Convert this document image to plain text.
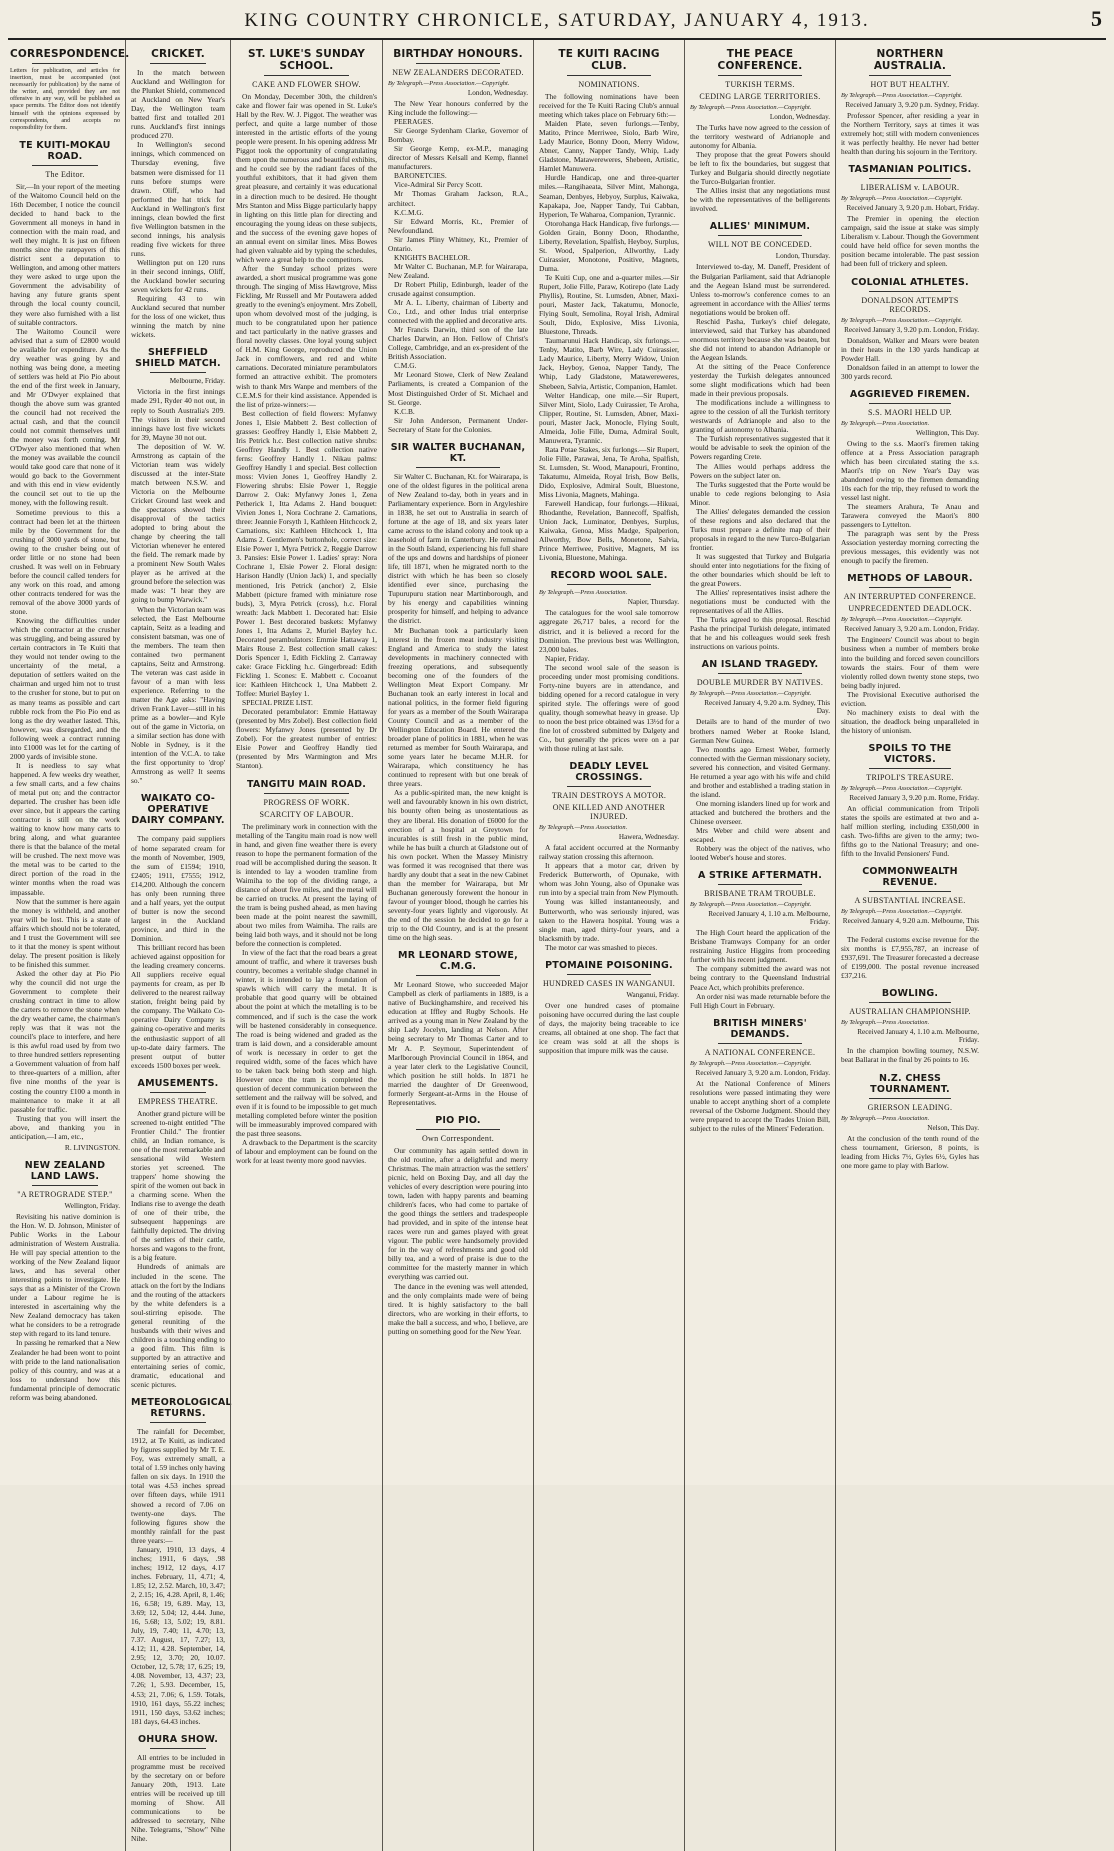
KING COUNTRY CHRONICLE, SATURDAY, JANUARY 4, 1913.	5
CORRESPONDENCE.

Letters for publication, and articles for insertion, must be accompanied (not necessarily for publication) by the name of the writer, and, provided they are not offensive in any way, will be published as space permits. The Editor does not identify himself with the opinions expressed by correspondents, and accepts no responsibility for them.

TE KUITI-MOKAU ROAD.
The Editor.

Sir,—In your report of the meeting of the Waitomo Council held on the 16th December, I notice the council decided to hand back to the Government all moneys in hand in connection with the main road, and well they might. It is just on fifteen months since the ratepayers of this district sent a deputation to Wellington, and among other matters they were asked to urge upon the Government the advisability of having any future grants spent through the local county council, they were also furnished with a list of suitable contractors.

The Waitomo Council were advised that a sum of £2800 would be available for expenditure. As the dry weather was going by and nothing was being done, a meeting of settlers was held at Pio Pio about the end of the first week in January, and Mr O'Dwyer explained that though the above sum was granted the council had not received the actual cash, and that the council could not commit themselves until the money was forth coming. Mr O'Dwyer also mentioned that when the money was available the council would take good care that none of it would go back to the Government and with this end in view evidently the council set out to tie up the money, with the following result.

Sometime previous to this a contract had been let at the thirteen mile by the Government for the crushing of 3000 yards of stone, but owing to the crusher being out of order little or no stone had been crushed. It was well on in February before the council called tenders for any work on this road, and among other contracts tendered for was the removal of the above 3000 yards of stone.

Knowing the difficulties under which the contractor at the crusher was struggling, and being assured by certain contractors in Te Kuiti that they would not tender owing to the uncertainty of the metal, a deputation of settlers waited on the chairman and urged him not to trust to the crusher for stone, but to put on as many teams as possible and cart rubble rock from the Pio Pio end as long as the dry weather lasted. This, however, was disregarded, and the following week a contract running into £1000 was let for the carting of 2000 yards of invisible stone.

It is needless to say what happened. A few weeks dry weather, a few small carts, and a few chains of metal put on; and the contractor departed. The crusher has been idle ever since, but it appears the carting contractor is still on the work waiting to know how many carts to bring along, and what guarantee there is that the balance of the metal will be crushed. The next move was the metal was to be carted to the direct portion of the road in the winter months when the road was impassable.

Now that the summer is here again the money is withheld, and another year will be lost. This is a state of affairs which should not be tolerated, and I trust the Government will see to it that the money is spent without delay. The present position is likely to be finished this summer.

Asked the other day at Pio Pio why the council did not urge the Government to complete their crushing contract in time to allow the carters to remove the stone when the dry weather came, the chairman's reply was that it was not the council's place to interfere, and here is this awful road used by from two to three hundred settlers representing a Government valuation of from half to three-quarters of a million, after five nine months of the year is costing the country £100 a month in maintenance to make it at all passable for traffic.

Trusting that you will insert the above, and thanking you in anticipation,—I am, etc.,

R. LIVINGSTON.
NEW ZEALAND LAND LAWS.
"A RETROGRADE STEP."
Wellington, Friday.

Revisiting his native dominion is the Hon. W. D. Johnson, Minister of Public Works in the Labour administration of Western Australia. He will pay special attention to the working of the New Zealand liquor laws, and has several other interesting points to investigate. He says that as a Minister of the Crown under a Labour regime he is interested in ascertaining why the New Zealand democracy has taken what he considers to be a retrograde step with regard to its land tenure.

In passing he remarked that a New Zealander he had been wont to point with pride to the land nationalisation policy of this country, and was at a loss to understand how this fundamental principle of democratic reform was being abandoned.

CRICKET.

In the match between Auckland and Wellington for the Plunket Shield, commenced at Auckland on New Year's Day, the Wellington team batted first and totalled 201 runs. Auckland's first innings produced 270.

In Wellington's second innings, which commenced on Thursday evening, five batsmen were dismissed for 11 runs before stumps were drawn. Oliff, who had performed the hat trick for Auckland in Wellington's first innings, clean bowled the first five Wellington batsmen in the second innings, his analysis reading five wickets for three runs.

Wellington put on 120 runs in their second innings, Oliff, the Auckland bowler securing seven wickets for 42 runs.

Requiring 43 to win Auckland secured that number for the loss of one wicket, thus winning the match by nine wickets.

SHEFFIELD SHIELD MATCH.
Melbourne, Friday.

Victoria in the first innings made 291, Ryder 40 not out, in reply to South Australia's 209. The visitors in their second innings have lost five wickets for 39, Mayne 30 not out.

The deposition of W. W. Armstrong as captain of the Victorian team was widely discussed at the inter-State match between N.S.W. and Victoria on the Melbourne Cricket Ground last week and the spectators showed their disapproval of the tactics adopted to bring about the change by cheering the tall Victorian whenever he entered the field. The remark made by a prominent New South Wales player as he arrived at the ground before the selection was made was: "I hear they are going to bump Warwick."

When the Victorian team was selected, the East Melbourne captain, Seitz as a leading and consistent batsman, was one of the members. The team then contained two permanent captains, Seitz and Armstrong. The veteran was cast aside in favour of a man with less experience. Referring to the matter the Age asks: "Having driven Frank Laver—still in his prime as a bowler—and Kyle out of the game in Victoria, on a similar section has done with Noble in Sydney, is it the intention of the V.C.A. to take the first opportunity to 'drop' Armstrong as well? It seems so."

WAIKATO CO-OPERATIVE DAIRY COMPANY.

The company paid suppliers of home separated cream for the month of November, 1909, the sum of £1594; 1910, £2405; 1911, £7555; 1912, £14,200. Although the concern has only been running three and a half years, yet the output of butter is now the second largest in the Auckland province, and third in the Dominion.

This brilliant record has been achieved against opposition for the leading creamery concerns. All suppliers receive equal payments for cream, as per lb delivered to the nearest railway station, freight being paid by the company. The Waikato Co-operative Dairy Company is gaining co-operative and merits the enthusiastic support of all up-to-date dairy farmers. The present output of butter exceeds 1500 boxes per week.

AMUSEMENTS.
EMPRESS THEATRE.

Another grand picture will be screened to-night entitled "The Frontier Child." The frontier child, an Indian romance, is one of the most remarkable and sensational wild Western stories yet screened. The trappers' home showing the spirit of the women out back in a charming scene. When the Indians rise to avenge the death of one of their tribe, the subsequent happenings are faithfully depicted. The driving of the settlers of their cattle, horses and wagons to the front, is a big feature.

Hundreds of animals are included in the scene. The attack on the fort by the Indians and the routing of the attackers by the white defenders is a soul-stirring episode. The general reuniting of the husbands with their wives and children is a touching ending to a good film. This film is supported by an attractive and entertaining series of comic, dramatic, educational and scenic pictures.

METEOROLOGICAL RETURNS.

The rainfall for December, 1912, at Te Kuiti, as indicated by figures supplied by Mr T. E. Foy, was extremely small, a total of 1.59 inches only having fallen on six days. In 1910 the total was 4.53 inches spread over fifteen days, while 1911 showed a record of 7.06 on twenty-one days. The following figures show the monthly rainfall for the past three years:—

January, 1910, 13 days, 4 inches; 1911, 6 days, .98 inches; 1912, 12 days, 4.17 inches. February, 11, 4.71; 4, 1.85; 12, 2.52. March, 10, 3.47; 2, 2.15; 16, 4.28. April, 8, 1.46; 16, 6.58; 19, 6.89. May, 13, 3.69; 12, 5.04; 12, 4.44. June, 16, 5.68; 13, 5.02; 19, 8.81. July, 19, 7.40; 11, 4.70; 13, 7.37. August, 17, 7.27; 13, 4.12; 11, 4.28. September, 14, 2.95; 12, 3.70; 20, 10.07. October, 12, 5.78; 17, 6.25; 19, 4.08. November, 13, 4.37; 23, 7.26; 1, 5.93. December, 15, 4.53; 21, 7.06; 6, 1.59. Totals, 1910, 161 days, 55.22 inches; 1911, 150 days, 53.62 inches; 181 days, 64.43 inches.

OHURA SHOW.

All entries to be included in programme must be received by the secretary on or before January 20th, 1913. Late entries will be received up till morning of Show. All communications to be addressed to secretary, Nihe Nihe. Telegrams, "Show" Nihe Nihe.

ST. LUKE'S SUNDAY SCHOOL.
CAKE AND FLOWER SHOW.

On Monday, December 30th, the children's cake and flower fair was opened in St. Luke's Hall by the Rev. W. J. Piggot. The weather was perfect, and quite a large number of those interested in the artistic efforts of the young people were present. In his opening address Mr Piggot took the opportunity of congratulating them upon the numerous and beautiful exhibits, and he could see by the radiant faces of the youthful exhibitors, that it had given them great pleasure, and certainly it was educational in a direction much to be desired. He thought Mrs Stanton and Miss Bigge particularly happy in lighting on this little plan for directing and encouraging the young ideas on these subjects, and the success of the evening gave hopes of an annual event on similar lines. Miss Bowes had given valuable aid by typing the schedules, which were a great help to the competitors.

After the Sunday school prizes were awarded, a short musical programme was gone through. The singing of Miss Hawtgrove, Miss Fickling, Mr Russell and Mr Poutawera added greatly to the evening's enjoyment. Mrs Zobell, upon whom devolved most of the judging, is much to be congratulated upon her patience and tact particularly in the native grasses and floral novelty classes. One loyal young subject of H.M. King George, reproduced the Union Jack in cornflowers, and red and white carnations. Decorated miniature perambulators formed an attractive exhibit. The promoters wish to thank Mrs Wanpe and members of the C.E.M.S for their kind assistance. Appended is the list of prize-winners:—

Best collection of field flowers: Myfanwy Jones 1, Elsie Mabbett 2. Best collection of grasses: Geoffrey Handly 1, Elsie Mabbett 2, Iris Petrick h.c. Best collection native shrubs: Geoffrey Handly 1. Best collection native ferns: Geoffrey Handly 1. Nikau palms: Geoffrey Handly 1 and special. Best collection moss: Vivien Jones 1, Geoffrey Handly 2. Flowering shrubs: Elsie Power 1, Reggie Darrow 2. Oak: Myfanwy Jones 1, Zena Petherick 1, Itta Adams 2. Hand bouquet: Vivien Jones 1, Nora Cochrane 2. Carnations, three: Jeannie Forsyth 1, Kathleen Hitchcock 2, Carnations, six: Kathleen Hitchcock 1, Itta Adams 2. Gentlemen's buttonhole, correct size: Elsie Power 1, Myra Petrick 2, Reggie Darrow 3. Pansies: Elsie Power 1. Ladies' spray: Nora Cochrane 1, Elsie Power 2. Floral design: Harison Handly (Union Jack) 1, and specially mentioned, Iris Petrick (anchor) 2, Elsie Mabbett (picture framed with miniature rose buds), 3, Myra Petrick (cross), h.c. Floral wreath: Jack Mabbett 1. Decorated hat: Elsie Power 1. Best decorated baskets: Myfanwy Jones 1, Itta Adams 2, Muriel Bayley h.c. Decorated perambulators: Emmie Hattaway 1, Mairs Rouse 2. Best collection small cakes: Doris Spencer 1, Edith Fickling 2. Carraway cake: Grace Fickling h.c. Gingerbread: Edith Fickling 1. Scones: E. Mabbett c. Cocoanut ice: Kathleen Hitchcock 1, Una Mabbett 2. Toffee: Muriel Bayley 1.

SPECIAL PRIZE LIST.

Decorated perambulator: Emmie Hattaway (presented by Mrs Zobel). Best collection field flowers: Myfanwy Jones (presented by Dr Zobel). For the greatest number of entries: Elsie Power and Geoffrey Handly tied (presented by Mrs Warmington and Mrs Stanton).

TANGITU MAIN ROAD.
PROGRESS OF WORK.
SCARCITY OF LABOUR.

The preliminary work in connection with the metalling of the Tangitu main road is now well in hand, and given fine weather there is every reason to hope the permanent formation of the road will be accomplished during the season. It is intended to lay a wooden tramline from Waimiha to the top of the dividing range, a distance of about five miles, and the metal will be carried on trucks. At present the laying of the tram is being pushed ahead, as men having been made at the point nearest the sawmill, about two miles from Waimiha. The rails are being laid both ways, and it should not be long before the connection is completed.

In view of the fact that the road bears a great amount of traffic, and where it traverses bush country, becomes a veritable sludge channel in winter, it is intended to lay a foundation of spawls which will carry the metal. It is probable that good quarry will be obtained about the point at which the metalling is to be commenced, and if such is the case the work will be hastened considerably in consequence. The road is being widened and graded as the tram is laid down, and a considerable amount of work is necessary in order to get the required width, some of the faces which have to be taken back being both steep and high. However once the tram is completed the question of decent communication between the settlement and the railway will be solved, and even if it is found to be impossible to get much metalling completed before winter the position will be immeasurably improved compared with the past three seasons.

A drawback to the Department is the scarcity of labour and employment can be found on the work for at least twenty more good navvies.

BIRTHDAY HONOURS.
NEW ZEALANDERS DECORATED.
By Telegraph.—Press Association.—Copyright.
London, Wednesday.

The New Year honours conferred by the King include the following:—

PEERAGES.

Sir George Sydenham Clarke, Governor of Bombay.

Sir George Kemp, ex-M.P., managing director of Messrs Kelsall and Kemp, flannel manufacturers.

BARONETCIES.

Vice-Admiral Sir Percy Scott.

Mr Thomas Graham Jackson, R.A., architect.

K.C.M.G.

Sir Edward Morris, Kt., Premier of Newfoundland.

Sir James Pliny Whitney, Kt., Premier of Ontario.

KNIGHTS BACHELOR.

Mr Walter C. Buchanan, M.P. for Wairarapa, New Zealand.

Dr Robert Philip, Edinburgh, leader of the crusade against consumption.

Mr A. L. Liberty, chairman of Liberty and Co., Ltd., and other Indus trial enterprise connected with the applied and decorative arts.

Mr Francis Darwin, third son of the late Charles Darwin, an Hon. Fellow of Christ's College, Cambridge, and an ex-president of the British Association.

C.M.G.

Mr Leonard Stowe, Clerk of New Zealand Parliaments, is created a Companion of the Most Distinguished Order of St. Michael and St. George.

K.C.B.

Sir John Anderson, Permanent Under-Secretary of State for the Colonies.

SIR WALTER BUCHANAN, KT.

Sir Walter C. Buchanan, Kt. for Wairarapa, is one of the oldest figures in the political arena of New Zealand to-day, both in years and in Parliamentary experience. Born in Argyleshire in 1838, he set out to Australia in search of fortune at the age of 18, and six years later came across to the island colony and took up a leasehold of farm in Canterbury. He remained in the South Island, experiencing his full share of the ups and downs and hardships of pioneer life, till 1871, when he migrated north to the district with which he has been so closely identified ever since, purchasing the Tupurupuru station near Martinborough, and by his energy and capabilities winning prosperity for himself, and helping to advance the district.

Mr Buchanan took a particularly keen interest in the frozen meat industry visiting England and America to study the latest developments in machinery connected with freezing operations, and subsequently becoming one of the founders of the Wellington Meat Export Company. Mr Buchanan took an early interest in local and national politics, in the former field figuring for years as a member of the South Wairarapa County Council and as a member of the Wellington Education Board. He entered the broader plane of politics in 1881, when he was returned as member for South Wairarapa, and some years later he became M.H.R. for Wairarapa, which constituency he has continued to represent with but one break of three years.

As a public-spirited man, the new knight is well and favourably known in his own district, his bounty often being as unostentatious as they are liberal. His donation of £6000 for the erection of a hospital at Greytown for incurables is still fresh in the public mind, while he has built a church at Gladstone out of his own pocket. When the Massey Ministry was formed it was recognised that there was hardly any doubt that a seat in the new Cabinet than the member for Wairarapa, but Mr Buchanan generously forewent the honour in favour of younger blood, though he carries his seventy-four years lightly and vigorously. At the end of the session he decided to go for a trip to the Old Country, and is at the present time on the high seas.

MR LEONARD STOWE, C.M.G.

Mr Leonard Stowe, who succeeded Major Campbell as clerk of parliaments in 1889, is a native of Buckinghamshire, and received his education at Iffley and Rugby Schools. He arrived as a young man in New Zealand by the ship Lady Jocelyn, landing at Nelson. After being secretary to Mr Thomas Carter and to Mr A. P. Seymour, Superintendent of Marlborough Provincial Council in 1864, and a year later clerk to the Legislative Council, which position he still holds. In 1871 he married the daughter of Dr Greenwood, formerly Sergeant-at-Arms in the House of Representatives.

PIO PIO.
Own Correspondent.

Our community has again settled down in the old routine, after a delightful and merry Christmas. The main attraction was the settlers' picnic, held on Boxing Day, and all day the vehicles of every description were pouring into town, laden with happy parents and beaming children's faces, who had come to partake of the good things the settlers and tradespeople had provided, and in spite of the intense heat races were run and games played with great vigour. The public were handsomely provided for in the way of refreshments and good old billy tea, and a word of praise is due to the committee for the masterly manner in which everything was carried out.

The dance in the evening was well attended, and the only complaints made were of being tired. It is highly satisfactory to the ball directors, who are working in their efforts, to make the ball a success, and who, I believe, are putting on something good for the New Year.

TE KUITI RACING CLUB.
NOMINATIONS.

The following nominations have been received for the Te Kuiti Racing Club's annual meeting which takes place on February 6th:—

Maiden Plate, seven furlongs.—Tenby, Matito, Prince Merriwee, Siolo, Barb Wire, Lady Maurice, Bonny Doon, Merry Widow, Abner, Canny, Napper Tandy, Whip, Lady Gladstone, Matawereweres, Shebeen, Artistic, Hamlet Manuwera.

Hurdle Handicap, one and three-quarter miles.—Rangihaeata, Silver Mint, Mahonga, Seaman, Denbyes, Hebyoy, Surplus, Kaiwaka, Kapakapa, Joe, Napper Tandy, Tui Cabban, Hyperion, Te Waharoa, Companion, Tyrannic.

Otorohanga Hack Handicap, five furlongs.—Golden Grain, Bonny Doon, Rhodanthe, Liberty, Revelation, Spalfish, Heyboy, Surplus, St. Wood, Spalperion, Allworthy, Lady Cuirassier, Monotone, Positive, Magnets, Duma.

Te Kuiti Cup, one and a-quarter miles.—Sir Rupert, Jolie Fille, Paraw, Kotirepo (late Lady Phyllis), Routine, St. Lumsden, Abner, Maxi-pouri, Master Jack, Takatumu, Monocle, Flying Soult, Semolina, Royal Irish, Admiral Soult, Dido, Explosive, Miss Livonia, Bluestone, Threads.

Taumarunui Hack Handicap, six furlongs.—Tenby, Matito, Barb Wire, Lady Cuirassier, Lady Maurice, Liberty, Merry Widow, Union Jack, Heyboy, Genoa, Napper Tandy, The Whip, Lady Gladstone, Matawereweres, Shebeen, Salvia, Artistic, Companion, Hamlet.

Welter Handicap, one mile.—Sir Rupert, Silver Mint, Siolo, Lady Cuirassier, Te Aroha, Clipper, Routine, St. Lumsden, Abner, Maxi-pouri, Master Jack, Monocle, Flying Soult, Almeida, Jolie Fille, Duma, Admiral Soult, Manuwera, Tyrannic.

Rata Potae Stakes, six furlongs.—Sir Rupert, Jolie Fille, Parawai, Jena, Te Aroha, Spalfish, St. Lumsden, St. Wood, Manapouri, Frontino, Takatumu, Almeida, Royal Irish, Bow Bells, Dido, Explosive, Admiral Soult, Bluestone, Miss Livonia, Magnets, Mahinga.

Farewell Handicap, four furlongs.—Hikuai, Rhodanthe, Revelation, Bannecoff, Spalfish, Union Jack, Luminator, Denbyes, Surplus, Kaiwaka, Genoa, Miss Madge, Spalperion, Allworthy, Bow Bells, Monetone, Salvia, Prince Merriwee, Positive, Magnets, M iss Livonia, Bluestone, Mahinga.

RECORD WOOL SALE.
By Telegraph.—Press Association.
Napier, Thursday.

The catalogues for the wool sale tomorrow aggregate 26,717 bales, a record for the district, and it is believed a record for the Dominion. The previous best was Wellington, 23,000 bales.

Napier, Friday.

The second wool sale of the season is proceeding under most promising conditions. Forty-nine buyers are in attendance, and bidding opened for a record catalogue in very spirited style. The offerings were of good quality, though somewhat heavy in grease. Up to noon the best price obtained was 13½d for a fine lot of crossbred submitted by Dalgety and Co., but generally the prices were on a par with those ruling at last sale.

DEADLY LEVEL CROSSINGS.
TRAIN DESTROYS A MOTOR.
ONE KILLED AND ANOTHER INJURED.
By Telegraph.—Press Association.
Hawera, Wednesday.

A fatal accident occurred at the Normanby railway station crossing this afternoon.

It appears that a motor car, driven by Frederick Butterworth, of Opunake, with whom was John Young, also of Opunake was run into by a special train from New Plymouth.

Young was killed instantaneously, and Butterworth, who was seriously injured, was taken to the Hawera hospital. Young was a single man, aged thirty-four years, and a blacksmith by trade.

The motor car was smashed to pieces.

PTOMAINE POISONING.
HUNDRED CASES IN WANGANUI.
Wanganui, Friday.

Over one hundred cases of ptomaine poisoning have occurred during the last couple of days, the majority being traceable to ice creams, all obtained at one shop. The fact that ice cream was sold at all the shops is supposition that impure milk was the cause.

THE PEACE CONFERENCE.
TURKISH TERMS.
CEDING LARGE TERRITORIES.
By Telegraph.—Press Association.—Copyright.
London, Wednesday.

The Turks have now agreed to the cession of the territory westward of Adrianople and autonomy for Albania.

They propose that the great Powers should be left to fix the boundaries, but suggest that Turkey and Bulgaria should directly negotiate the Turco-Bulgarian frontier.

The Allies insist that any negotiations must be with the representatives of the belligerents involved.

ALLIES' MINIMUM.
WILL NOT BE CONCEDED.
London, Thursday.

Interviewed to-day, M. Daneff, President of the Bulgarian Parliament, said that Adrianople and the Aegean Island must be surrendered. Unless to-morrow's conference comes to an agreement in accordance with the Allies' terms negotiations would be broken off.

Reschid Pasha, Turkey's chief delegate, interviewed, said that Turkey has abandoned enormous territory because she was beaten, but she did not intend to abandon Adrianople or the Aegean Islands.

At the sitting of the Peace Conference yesterday the Turkish delegates announced some slight modifications which had been made in their previous proposals.

The modifications include a willingness to agree to the cession of all the Turkish territory westwards of Adrianople and also to the granting of autonomy to Albania.

The Turkish representatives suggested that it would be advisable to seek the opinion of the Powers regarding Crete.

The Allies would perhaps address the Powers on the subject later on.

The Turks suggested that the Porte would be unable to cede regions belonging to Asia Minor.

The Allies' delegates demanded the cession of these regions and also declared that the Turks must prepare a definite map of their proposals in regard to the new Turco-Bulgarian frontier.

It was suggested that Turkey and Bulgaria should enter into negotiations for the fixing of the other boundaries which should be left to the great Powers.

The Allies' representatives insist adhere the negotiations must be conducted with the representatives of all the Allies.

The Turks agreed to this proposal. Reschid Pasha the principal Turkish delegate, intimated that he and his colleagues would seek fresh instructions on various points.

AN ISLAND TRAGEDY.
DOUBLE MURDER BY NATIVES.
By Telegraph.—Press Association.—Copyright.
Received January 4, 9.20 a.m. Sydney, This Day.

Details are to hand of the murder of two brothers named Weber at Rooke Island, German New Guinea.

Two months ago Ernest Weber, formerly connected with the German missionary society, severed his connection, and visited Germany. He returned a year ago with his wife and child and brother and established a trading station in the island.

One morning islanders lined up for work and attacked and butchered the brothers and the Chinese overseer.

Mrs Weber and child were absent and escaped.

Robbery was the object of the natives, who looted Weber's house and stores.

A STRIKE AFTERMATH.
BRISBANE TRAM TROUBLE.
By Telegraph.—Press Association.—Copyright.
Received January 4, 1.10 a.m. Melbourne, Friday.

The High Court heard the application of the Brisbane Tramways Company for an order restraining Justice Higgins from proceeding further with his recent judgment.

The company submitted the award was not being contrary to the Queensland Industrial Peace Act, which prohibits preference.

An order nisi was made returnable before the Full High Court in February.

BRITISH MINERS' DEMANDS.
A NATIONAL CONFERENCE.
By Telegraph.—Press Association.—Copyright.
Received January 3, 9.20 a.m. London, Friday.

At the National Conference of Miners resolutions were passed intimating they were unable to accept anything short of a complete reversal of the Osborne Judgment. Should they were prepared to accept the Trades Union Bill, subject to the rules of the Miners' Federation.

NORTHERN AUSTRALIA.
HOT BUT HEALTHY.
By Telegraph.—Press Association.—Copyright.
Received January 3, 9.20 p.m. Sydney, Friday.

Professor Spencer, after residing a year in the Northern Territory, says at times it was extremely hot; still with modern conveniences it was perfectly healthy. He never had better health than during his sojourn in the Territory.

TASMANIAN POLITICS.
LIBERALISM v. LABOUR.
By Telegraph.—Press Association.—Copyright.
Received January 3, 9.20 p.m. Hobart, Friday.

The Premier in opening the election campaign, said the issue at stake was simply Liberalism v. Labour. Though the Government could have held office for seven months the position became intolerable. The past session had been full of trickery and spleen.

COLONIAL ATHLETES.
DONALDSON ATTEMPTS RECORDS.
By Telegraph.—Press Association.—Copyright.
Received January 3, 9.20 p.m. London, Friday.

Donaldson, Walker and Mears were beaten in their heats in the 130 yards handicap at Powder Hall.

Donaldson failed in an attempt to lower the 300 yards record.

AGGRIEVED FIREMEN.
S.S. MAORI HELD UP.
By Telegraph.—Press Association.
Wellington, This Day.

Owing to the s.s. Maori's firemen taking offence at a Press Association paragraph which has been circulated stating the s.s. Maori's trip on New Year's Day was abandoned owing to the firemen demanding 10s each for the trip, they refused to work the vessel last night.

The steamers Arahura, Te Anau and Tarawera conveyed the Maori's 800 passengers to Lyttelton.

The paragraph was sent by the Press Association yesterday morning correcting the previous messages, this evidently was not enough to pacify the firemen.

METHODS OF LABOUR.
AN INTERRUPTED CONFERENCE.
UNPRECEDENTED DEADLOCK.
By Telegraph.—Press Association.—Copyright.
Received January 3, 9.20 a.m. London, Friday.

The Engineers' Council was about to begin business when a number of members broke into the building and forced seven councillors towards the stairs. Four of them were violently rolled down twenty stone steps, two being badly injured.

The Provisional Executive authorised the eviction.

No machinery exists to deal with the situation, the deadlock being unparalleled in the history of unionism.

SPOILS TO THE VICTORS.
TRIPOLI'S TREASURE.
By Telegraph.—Press Association.—Copyright.
Received January 3, 9.20 p.m. Rome, Friday.

An official communication from Tripoli states the spoils are estimated at two and a-half million sterling, including £350,000 in cash. Two-fifths are given to the army; two-fifths go to the National Treasury; and one-fifth to the Invalid Pensioners' Fund.

COMMONWEALTH REVENUE.
A SUBSTANTIAL INCREASE.
By Telegraph.—Press Association.—Copyright.
Received January 4, 9.20 a.m. Melbourne, This Day.

The Federal customs excise revenue for the six months is £7,955,787, an increase of £937,691. The Treasurer forecasted a decrease of £199,000. The postal revenue increased £37,216.

BOWLING.
AUSTRALIAN CHAMPIONSHIP.
By Telegraph.—Press Association.
Received January 4, 1.10 a.m. Melbourne, Friday.

In the champion bowling tourney, N.S.W. beat Ballarat in the final by 26 points to 16.

N.Z. CHESS TOURNAMENT.
GRIERSON LEADING.
By Telegraph.—Press Association.
Nelson, This Day.

At the conclusion of the tenth round of the chess tournament, Grierson, 8 points, is leading from Hicks 7½, Gyles 6½, Gyles has one more game to play with Barlow.
